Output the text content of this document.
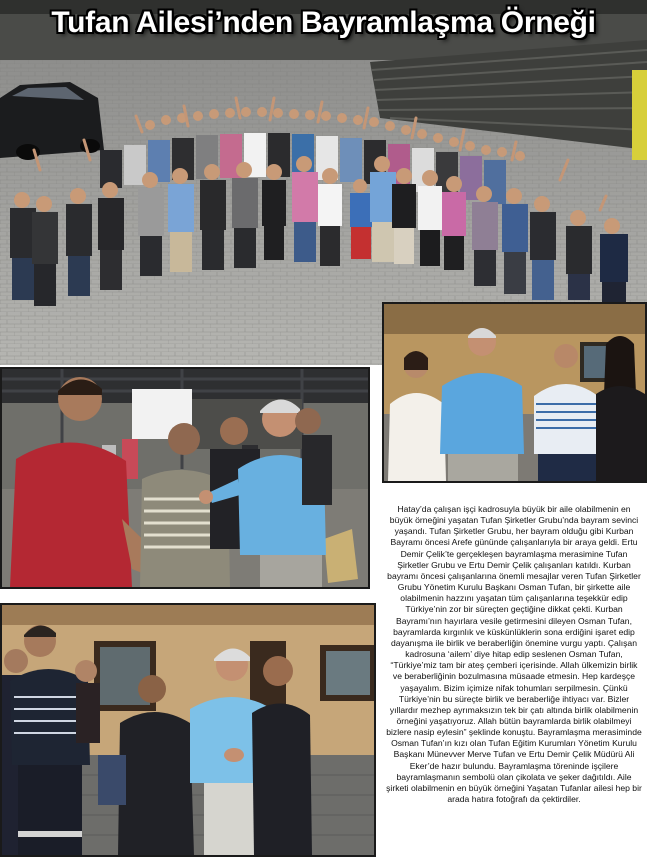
Tufan Ailesi’nden Bayramlaşma Örneği

Hatay’da çalışan işçi kadrosuyla büyük bir aile olabilmenin en büyük örneğini yaşatan Tufan Şirketler Grubu’nda bayram sevinci yaşandı. Tufan Şirketler Grubu, her bayram olduğu gibi Kurban Bayramı öncesi Arefe gününde çalışanlarıyla bir araya geldi. Ertu Demir Çelik’te gerçekleşen bayramlaşma merasimine Tufan Şirketler Grubu ve Ertu Demir Çelik çalışanları katıldı. Kurban bayramı öncesi çalışanlarına önemli mesajlar veren Tufan Şirketler Grubu Yönetim Kurulu Başkanı Osman Tufan, bir şirkette aile olabilmenin hazzını yaşatan tüm çalışanlarına teşekkür edip Türkiye’nin zor bir süreçten geçtiğine dikkat çekti. Kurban Bayramı’nın hayırlara vesile getirmesini dileyen Osman Tufan, bayramlarda kırgınlık ve küskünlüklerin sona erdiğini işaret edip dayanışma ile birlik ve beraberliğin önemine vurgu yaptı. Çalışan kadrosuna ‘ailem’ diye hitap edip seslenen Osman Tufan, “Türkiye’miz tam bir ateş çemberi içerisinde. Allah ülkemizin birlik ve beraberliğinin bozulmasına müsaade etmesin. Hep kardeşçe yaşayalım. Bizim içimize nifak tohumları serpilmesin. Çünkü Türkiye’nin bu süreçte birlik ve beraberliğe ihtiyacı var. Bizler yıllardır mezhep ayrımaksızın tek bir çatı altında birlik olabilmenin örneğini yaşatıyoruz. Allah bütün bayramlarda birlik olabilmeyi bizlere nasip eylesin” şeklinde konuştu. Bayramlaşma merasiminde Osman Tufan’ın kızı olan Tufan Eğitim Kurumları Yönetim Kurulu Başkanı Münevver Merve Tufan ve Ertu Demir Çelik Müdürü Ali Eker’de hazır bulundu. Bayramlaşma töreninde işçilere bayramlaşmanın sembolü olan çikolata ve şeker dağıtıldı. Aile şirketi olabilmenin en büyük örneğini Yaşatan Tufanlar ailesi hep bir arada hatıra fotoğrafı da çektirdiler.
